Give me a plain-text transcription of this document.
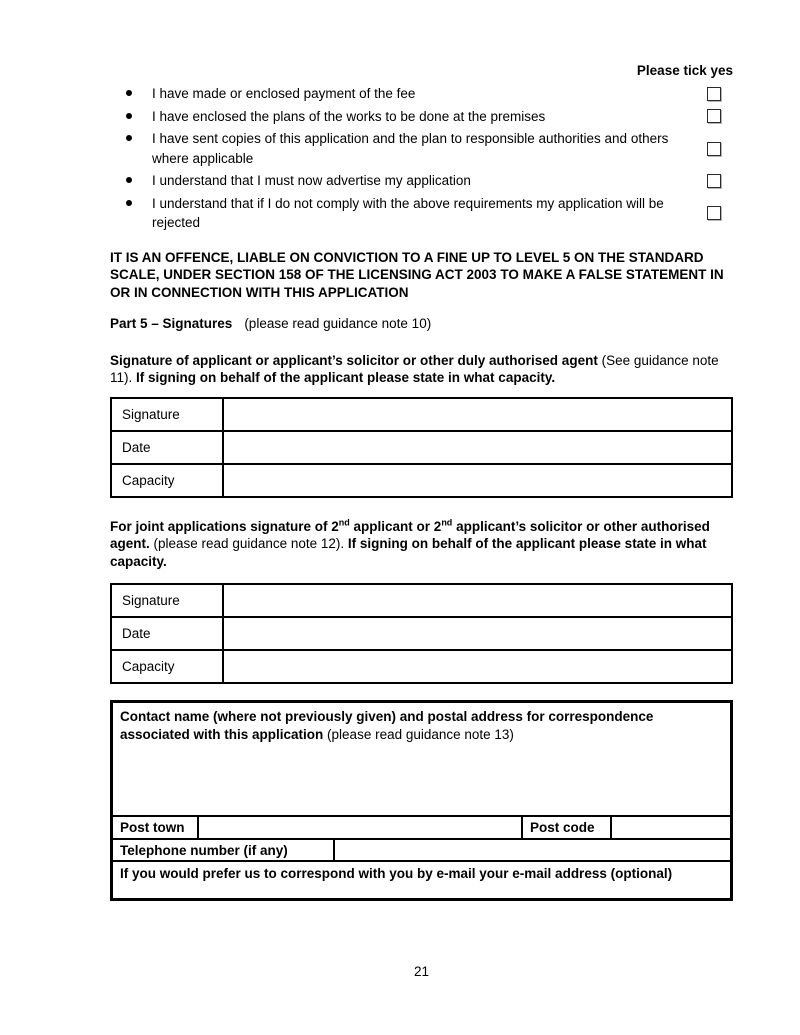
Please tick yes
I have made or enclosed payment of the fee
I have enclosed the plans of the works to be done at the premises
I have sent copies of this application and the plan to responsible authorities and others where applicable
I understand that I must now advertise my application
I understand that if I do not comply with the above requirements my application will be rejected
IT IS AN OFFENCE, LIABLE ON CONVICTION TO A FINE UP TO LEVEL 5 ON THE STANDARD SCALE, UNDER SECTION 158 OF THE LICENSING ACT 2003 TO MAKE A FALSE STATEMENT IN OR IN CONNECTION WITH THIS APPLICATION
Part 5 – Signatures (please read guidance note 10)
Signature of applicant or applicant’s solicitor or other duly authorised agent (See guidance note 11). If signing on behalf of the applicant please state in what capacity.
Signature	
Date	
Capacity	
For joint applications signature of 2nd applicant or 2nd applicant’s solicitor or other authorised agent. (please read guidance note 12). If signing on behalf of the applicant please state in what capacity.
Signature	
Date	
Capacity	
Contact name (where not previously given) and postal address for correspondence associated with this application (please read guidance note 13)
Post town	Post code
Telephone number (if any)
If you would prefer us to correspond with you by e-mail your e-mail address (optional)
21
